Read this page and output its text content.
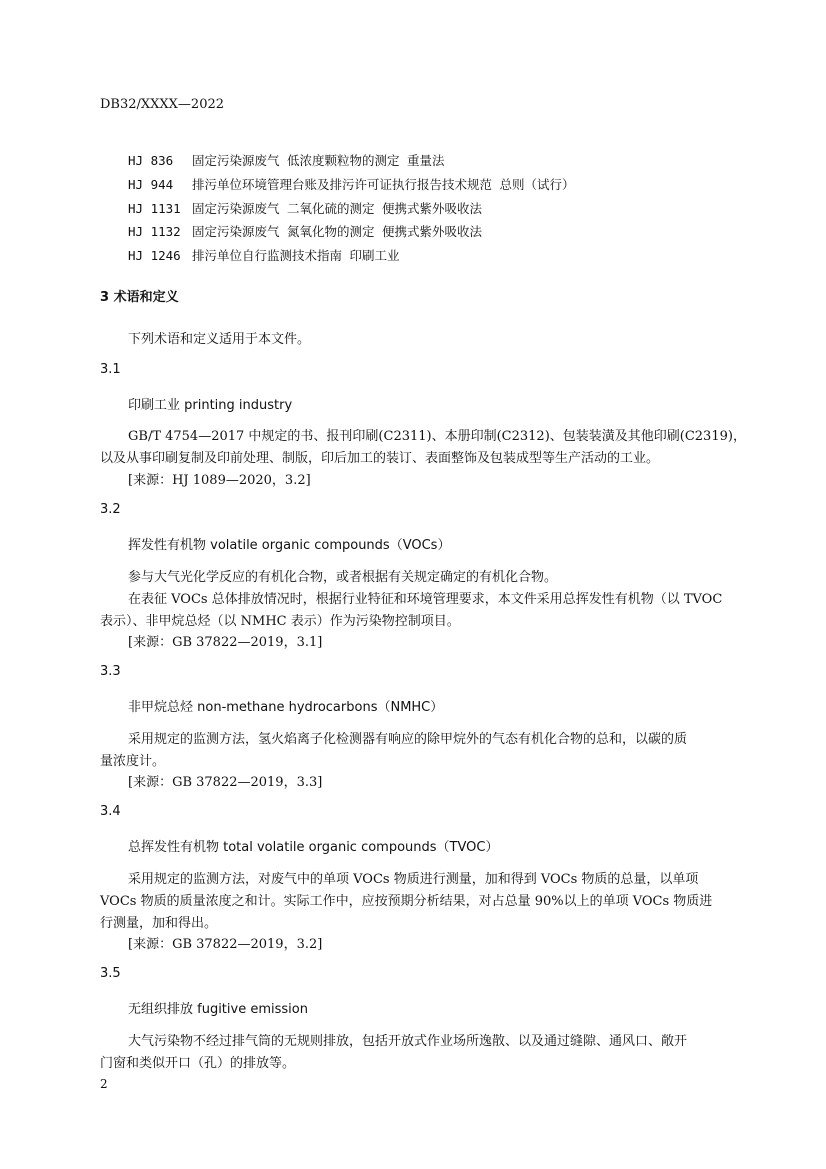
DB32/XXXX—2022
HJ 836 固定污染源废气 低浓度颗粒物的测定 重量法
HJ 944 排污单位环境管理台账及排污许可证执行报告技术规范 总则（试行）
HJ 1131 固定污染源废气 二氧化硫的测定 便携式紫外吸收法
HJ 1132 固定污染源废气 氮氧化物的测定 便携式紫外吸收法
HJ 1246 排污单位自行监测技术指南 印刷工业
3 术语和定义
下列术语和定义适用于本文件。
3.1
印刷工业 printing industry
GB/T 4754—2017 中规定的书、报刊印刷(C2311)、本册印制(C2312)、包装装潢及其他印刷(C2319)，
以及从事印刷复制及印前处理、制版，印后加工的装订、表面整饰及包装成型等生产活动的工业。
[来源：HJ 1089—2020，3.2]
3.2
挥发性有机物 volatile organic compounds（VOCs）
参与大气光化学反应的有机化合物，或者根据有关规定确定的有机化合物。
在表征 VOCs 总体排放情况时，根据行业特征和环境管理要求，本文件采用总挥发性有机物（以 TVOC
表示）、非甲烷总烃（以 NMHC 表示）作为污染物控制项目。
[来源：GB 37822—2019，3.1]
3.3
非甲烷总烃 non-methane hydrocarbons（NMHC）
采用规定的监测方法，氢火焰离子化检测器有响应的除甲烷外的气态有机化合物的总和，以碳的质
量浓度计。
[来源：GB 37822—2019，3.3]
3.4
总挥发性有机物 total volatile organic compounds（TVOC）
采用规定的监测方法，对废气中的单项 VOCs 物质进行测量，加和得到 VOCs 物质的总量，以单项
VOCs 物质的质量浓度之和计。实际工作中，应按预期分析结果，对占总量 90%以上的单项 VOCs 物质进
行测量，加和得出。
[来源：GB 37822—2019，3.2]
3.5
无组织排放 fugitive emission
大气污染物不经过排气筒的无规则排放，包括开放式作业场所逸散、以及通过缝隙、通风口、敞开
门窗和类似开口（孔）的排放等。
2
